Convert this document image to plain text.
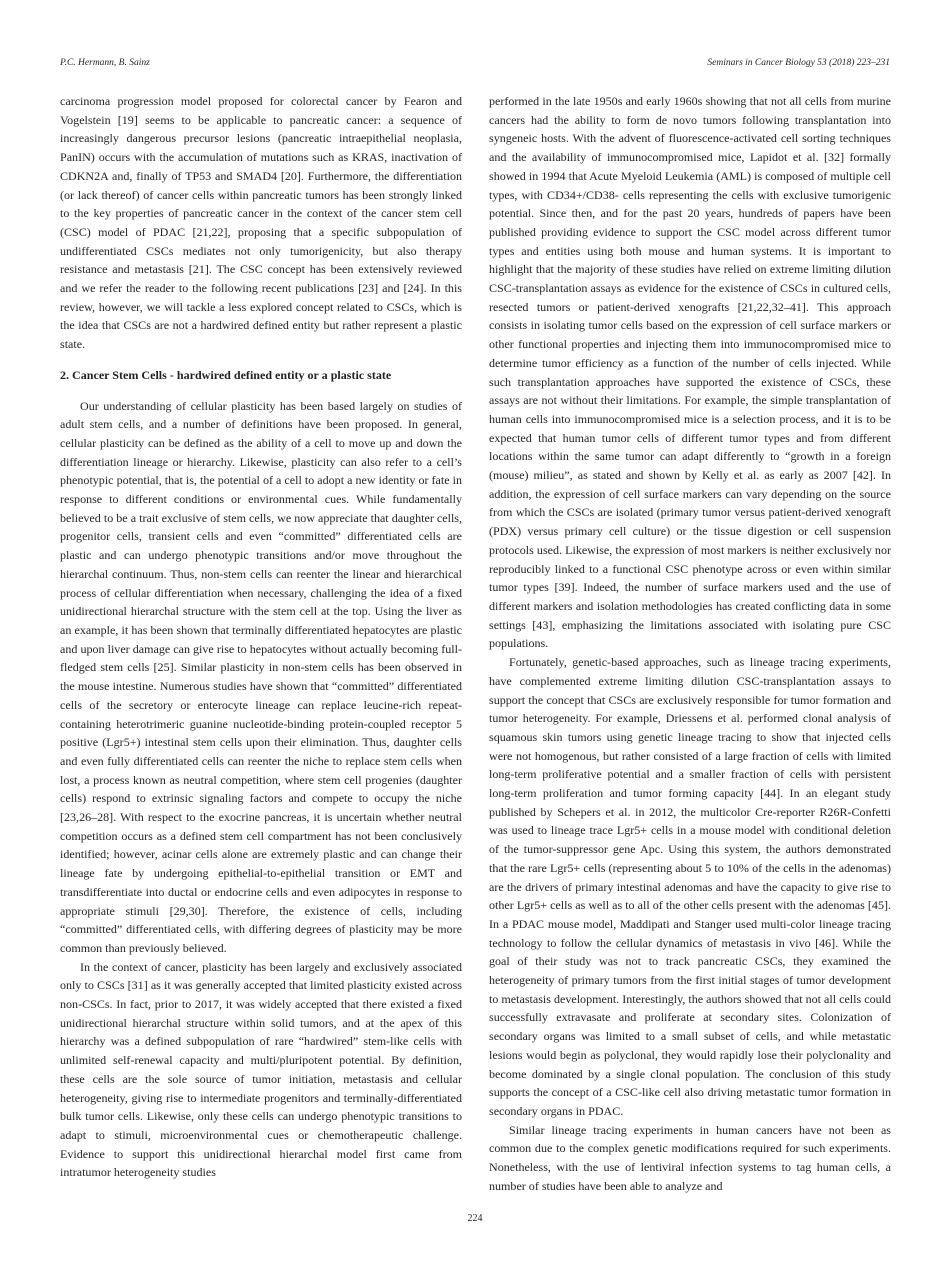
P.C. Hermann, B. Sainz	Seminars in Cancer Biology 53 (2018) 223–231

carcinoma progression model proposed for colorectal cancer by Fearon and Vogelstein [19] seems to be applicable to pancreatic cancer: a sequence of increasingly dangerous precursor lesions (pancreatic intraepithelial neoplasia, PanIN) occurs with the accumulation of mutations such as KRAS, inactivation of CDKN2A and, finally of TP53 and SMAD4 [20]. Furthermore, the differentiation (or lack thereof) of cancer cells within pancreatic tumors has been strongly linked to the key properties of pancreatic cancer in the context of the cancer stem cell (CSC) model of PDAC [21,22], proposing that a specific subpopulation of undifferentiated CSCs mediates not only tumorigenicity, but also therapy resistance and metastasis [21]. The CSC concept has been extensively reviewed and we refer the reader to the following recent publications [23] and [24]. In this review, however, we will tackle a less explored concept related to CSCs, which is the idea that CSCs are not a hardwired defined entity but rather represent a plastic state.

2. Cancer Stem Cells - hardwired defined entity or a plastic state

Our understanding of cellular plasticity has been based largely on studies of adult stem cells, and a number of definitions have been proposed. In general, cellular plasticity can be defined as the ability of a cell to move up and down the differentiation lineage or hierarchy. Likewise, plasticity can also refer to a cell’s phenotypic potential, that is, the potential of a cell to adopt a new identity or fate in response to different conditions or environmental cues. While fundamentally believed to be a trait exclusive of stem cells, we now appreciate that daughter cells, progenitor cells, transient cells and even “committed” differentiated cells are plastic and can undergo phenotypic transitions and/or move throughout the hierarchal continuum. Thus, non-stem cells can reenter the linear and hierarchical process of cellular differentiation when necessary, challenging the idea of a fixed unidirectional hierarchal structure with the stem cell at the top. Using the liver as an example, it has been shown that terminally differentiated hepatocytes are plastic and upon liver damage can give rise to hepatocytes without actually becoming full-fledged stem cells [25]. Similar plasticity in non-stem cells has been observed in the mouse intestine. Numerous studies have shown that “committed” differentiated cells of the secretory or enterocyte lineage can replace leucine-rich repeat-containing heterotrimeric guanine nucleotide-binding protein-coupled receptor 5 positive (Lgr5+) intestinal stem cells upon their elimination. Thus, daughter cells and even fully differentiated cells can reenter the niche to replace stem cells when lost, a process known as neutral competition, where stem cell progenies (daughter cells) respond to extrinsic signaling factors and compete to occupy the niche [23,26–28]. With respect to the exocrine pancreas, it is uncertain whether neutral competition occurs as a defined stem cell compartment has not been conclusively identified; however, acinar cells alone are extremely plastic and can change their lineage fate by undergoing epithelial-to-epithelial transition or EMT and transdifferentiate into ductal or endocrine cells and even adipocytes in response to appropriate stimuli [29,30]. Therefore, the existence of cells, including “committed” differentiated cells, with differing degrees of plasticity may be more common than previously believed.

In the context of cancer, plasticity has been largely and exclusively associated only to CSCs [31] as it was generally accepted that limited plasticity existed across non-CSCs. In fact, prior to 2017, it was widely accepted that there existed a fixed unidirectional hierarchal structure within solid tumors, and at the apex of this hierarchy was a defined subpopulation of rare “hardwired” stem-like cells with unlimited self-renewal capacity and multi/pluripotent potential. By definition, these cells are the sole source of tumor initiation, metastasis and cellular heterogeneity, giving rise to intermediate progenitors and terminally-differentiated bulk tumor cells. Likewise, only these cells can undergo phenotypic transitions to adapt to stimuli, microenvironmental cues or chemotherapeutic challenge. Evidence to support this unidirectional hierarchal model first came from intratumor heterogeneity studies

performed in the late 1950s and early 1960s showing that not all cells from murine cancers had the ability to form de novo tumors following transplantation into syngeneic hosts. With the advent of fluorescence-activated cell sorting techniques and the availability of immunocompromised mice, Lapidot et al. [32] formally showed in 1994 that Acute Myeloid Leukemia (AML) is composed of multiple cell types, with CD34+/CD38- cells representing the cells with exclusive tumorigenic potential. Since then, and for the past 20 years, hundreds of papers have been published providing evidence to support the CSC model across different tumor types and entities using both mouse and human systems. It is important to highlight that the majority of these studies have relied on extreme limiting dilution CSC-transplantation assays as evidence for the existence of CSCs in cultured cells, resected tumors or patient-derived xenografts [21,22,32–41]. This approach consists in isolating tumor cells based on the expression of cell surface markers or other functional properties and injecting them into immunocompromised mice to determine tumor efficiency as a function of the number of cells injected. While such transplantation approaches have supported the existence of CSCs, these assays are not without their limitations. For example, the simple transplantation of human cells into immunocompromised mice is a selection process, and it is to be expected that human tumor cells of different tumor types and from different locations within the same tumor can adapt differently to “growth in a foreign (mouse) milieu”, as stated and shown by Kelly et al. as early as 2007 [42]. In addition, the expression of cell surface markers can vary depending on the source from which the CSCs are isolated (primary tumor versus patient-derived xenograft (PDX) versus primary cell culture) or the tissue digestion or cell suspension protocols used. Likewise, the expression of most markers is neither exclusively nor reproducibly linked to a functional CSC phenotype across or even within similar tumor types [39]. Indeed, the number of surface markers used and the use of different markers and isolation methodologies has created conflicting data in some settings [43], emphasizing the limitations associated with isolating pure CSC populations.

Fortunately, genetic-based approaches, such as lineage tracing experiments, have complemented extreme limiting dilution CSC-transplantation assays to support the concept that CSCs are exclusively responsible for tumor formation and tumor heterogeneity. For example, Driessens et al. performed clonal analysis of squamous skin tumors using genetic lineage tracing to show that injected cells were not homogenous, but rather consisted of a large fraction of cells with limited long-term proliferative potential and a smaller fraction of cells with persistent long-term proliferation and tumor forming capacity [44]. In an elegant study published by Schepers et al. in 2012, the multicolor Cre-reporter R26R-Confetti was used to lineage trace Lgr5+ cells in a mouse model with conditional deletion of the tumor-suppressor gene Apc. Using this system, the authors demonstrated that the rare Lgr5+ cells (representing about 5 to 10% of the cells in the adenomas) are the drivers of primary intestinal adenomas and have the capacity to give rise to other Lgr5+ cells as well as to all of the other cells present with the adenomas [45]. In a PDAC mouse model, Maddipati and Stanger used multi-color lineage tracing technology to follow the cellular dynamics of metastasis in vivo [46]. While the goal of their study was not to track pancreatic CSCs, they examined the heterogeneity of primary tumors from the first initial stages of tumor development to metastasis development. Interestingly, the authors showed that not all cells could successfully extravasate and proliferate at secondary sites. Colonization of secondary organs was limited to a small subset of cells, and while metastatic lesions would begin as polyclonal, they would rapidly lose their polyclonality and become dominated by a single clonal population. The conclusion of this study supports the concept of a CSC-like cell also driving metastatic tumor formation in secondary organs in PDAC.

Similar lineage tracing experiments in human cancers have not been as common due to the complex genetic modifications required for such experiments. Nonetheless, with the use of lentiviral infection systems to tag human cells, a number of studies have been able to analyze and

224
